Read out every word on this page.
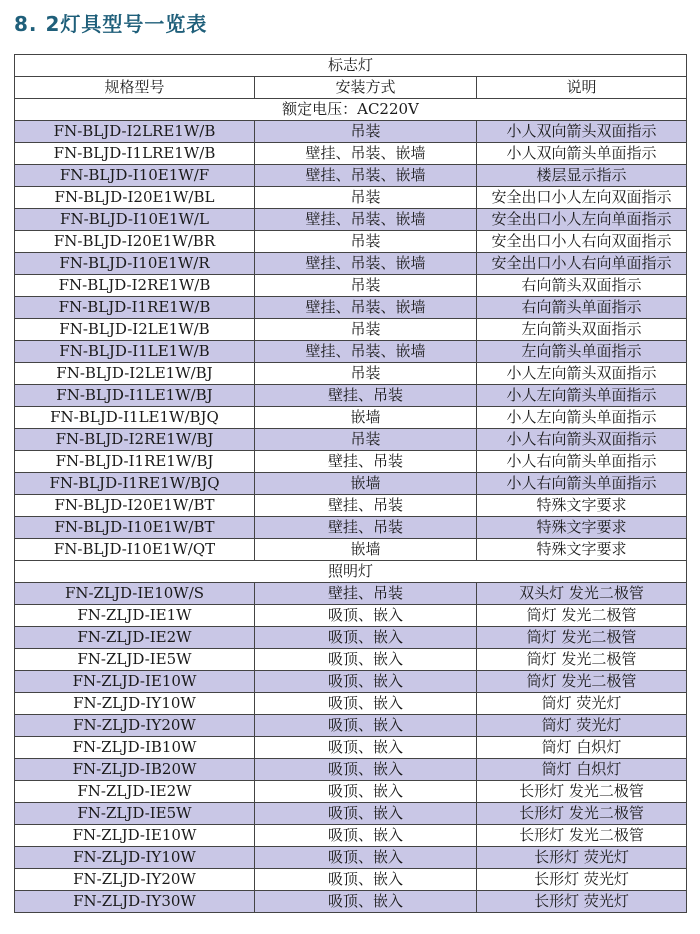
8. 2灯具型号一览表
标志灯		
规格型号	安装方式	说明
额定电压：AC220V		
FN-BLJD-I2LRE1W/B	吊装	小人双向箭头双面指示
FN-BLJD-I1LRE1W/B	壁挂、吊装、嵌墙	小人双向箭头单面指示
FN-BLJD-I10E1W/F	壁挂、吊装、嵌墙	楼层显示指示
FN-BLJD-I20E1W/BL	吊装	安全出口小人左向双面指示
FN-BLJD-I10E1W/L	壁挂、吊装、嵌墙	安全出口小人左向单面指示
FN-BLJD-I20E1W/BR	吊装	安全出口小人右向双面指示
FN-BLJD-I10E1W/R	壁挂、吊装、嵌墙	安全出口小人右向单面指示
FN-BLJD-I2RE1W/B	吊装	右向箭头双面指示
FN-BLJD-I1RE1W/B	壁挂、吊装、嵌墙	右向箭头单面指示
FN-BLJD-I2LE1W/B	吊装	左向箭头双面指示
FN-BLJD-I1LE1W/B	壁挂、吊装、嵌墙	左向箭头单面指示
FN-BLJD-I2LE1W/BJ	吊装	小人左向箭头双面指示
FN-BLJD-I1LE1W/BJ	壁挂、吊装	小人左向箭头单面指示
FN-BLJD-I1LE1W/BJQ	嵌墙	小人左向箭头单面指示
FN-BLJD-I2RE1W/BJ	吊装	小人右向箭头双面指示
FN-BLJD-I1RE1W/BJ	壁挂、吊装	小人右向箭头单面指示
FN-BLJD-I1RE1W/BJQ	嵌墙	小人右向箭头单面指示
FN-BLJD-I20E1W/BT	壁挂、吊装	特殊文字要求
FN-BLJD-I10E1W/BT	壁挂、吊装	特殊文字要求
FN-BLJD-I10E1W/QT	嵌墙	特殊文字要求
照明灯		
FN-ZLJD-IE10W/S	壁挂、吊装	双头灯 发光二极管
FN-ZLJD-IE1W	吸顶、嵌入	筒灯 发光二极管
FN-ZLJD-IE2W	吸顶、嵌入	筒灯 发光二极管
FN-ZLJD-IE5W	吸顶、嵌入	筒灯 发光二极管
FN-ZLJD-IE10W	吸顶、嵌入	筒灯 发光二极管
FN-ZLJD-IY10W	吸顶、嵌入	筒灯 荧光灯
FN-ZLJD-IY20W	吸顶、嵌入	筒灯 荧光灯
FN-ZLJD-IB10W	吸顶、嵌入	筒灯 白炽灯
FN-ZLJD-IB20W	吸顶、嵌入	筒灯 白炽灯
FN-ZLJD-IE2W	吸顶、嵌入	长形灯 发光二极管
FN-ZLJD-IE5W	吸顶、嵌入	长形灯 发光二极管
FN-ZLJD-IE10W	吸顶、嵌入	长形灯 发光二极管
FN-ZLJD-IY10W	吸顶、嵌入	长形灯 荧光灯
FN-ZLJD-IY20W	吸顶、嵌入	长形灯 荧光灯
FN-ZLJD-IY30W	吸顶、嵌入	长形灯 荧光灯
